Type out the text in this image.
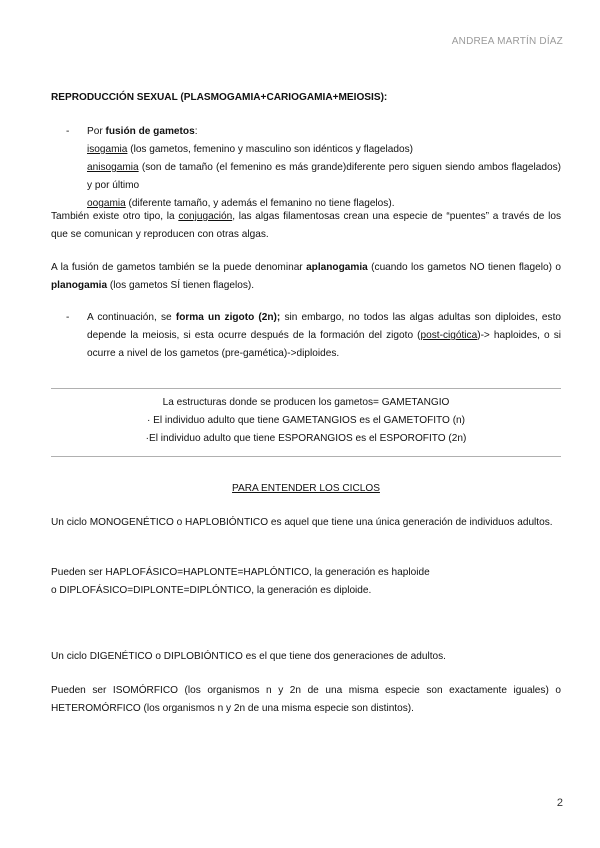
ANDREA MARTÍN DÍAZ

REPRODUCCIÓN SEXUAL (PLASMOGAMIA+CARIOGAMIA+MEIOSIS):

- Por fusión de gametos:
isogamia (los gametos, femenino y masculino son idénticos y flagelados)
anisogamia (son de tamaño (el femenino es más grande)diferente pero siguen siendo ambos flagelados) y por último
oogamia (diferente tamaño, y además el femanino no tiene flagelos).

También existe otro tipo, la conjugación, las algas filamentosas crean una especie de “puentes” a través de los que se comunican y reproducen con otras algas.

A la fusión de gametos también se la puede denominar aplanogamia (cuando los gametos NO tienen flagelo) o planogamia (los gametos SÍ tienen flagelos).

- A continuación, se forma un zigoto (2n); sin embargo, no todos las algas adultas son diploides, esto depende la meiosis, si esta ocurre después de la formación del zigoto (post-cigótica)-> haploides, o si ocurre a nivel de los gametos (pre-gamética)->diploides.

La estructuras donde se producen los gametos= GAMETANGIO
· El individuo adulto que tiene GAMETANGIOS es el GAMETOFITO (n)
·El individuo adulto que tiene ESPORANGIOS es el ESPOROFITO (2n)

PARA ENTENDER LOS CICLOS

Un ciclo MONOGENÉTICO o HAPLOBIÓNTICO es aquel que tiene una única generación de individuos adultos.

Pueden ser HAPLOFÁSICO=HAPLONTE=HAPLÓNTICO, la generación es haploide
o DIPLOFÁSICO=DIPLONTE=DIPLÓNTICO, la generación es diploide.

Un ciclo DIGENÉTICO o DIPLOBIÓNTICO es el que tiene dos generaciones de adultos.

Pueden ser ISOMÓRFICO (los organismos n y 2n de una misma especie son exactamente iguales) o HETEROMÓRFICO (los organismos n y 2n de una misma especie son distintos).

2
